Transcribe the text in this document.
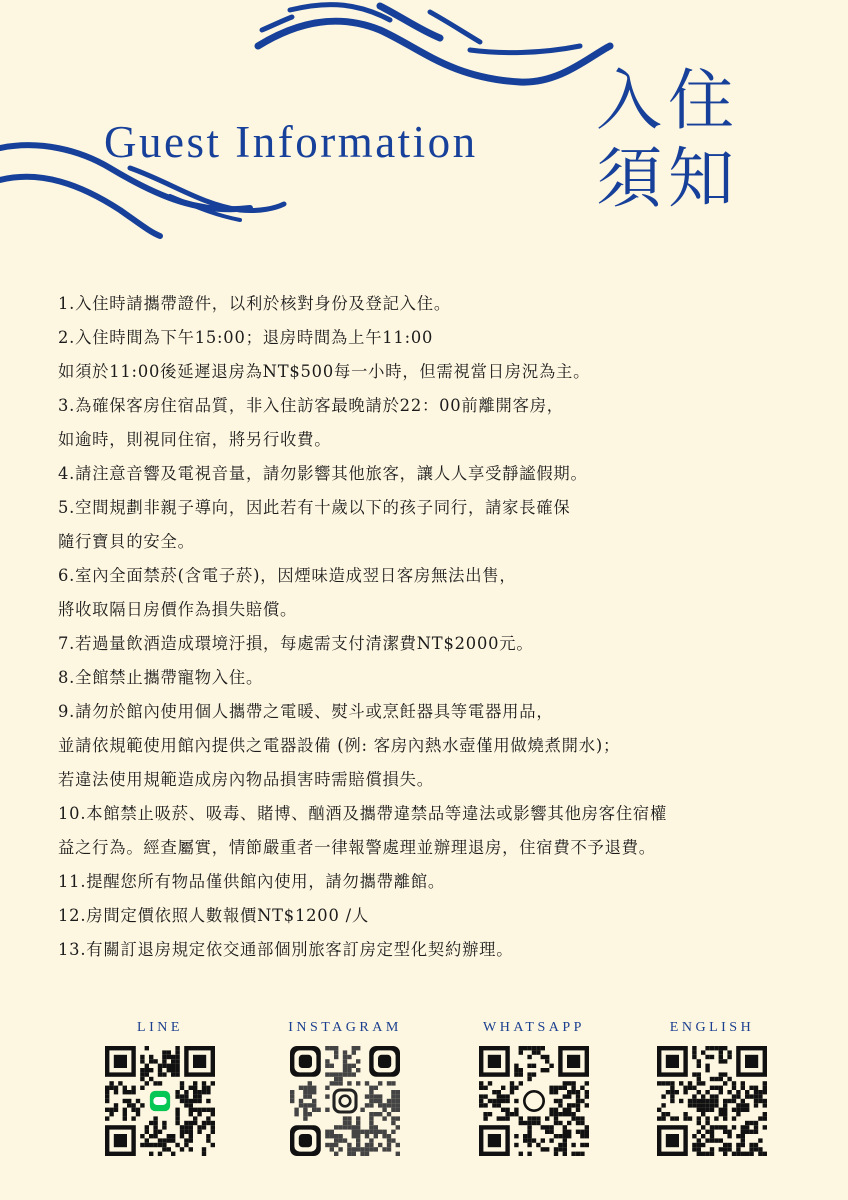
Guest Information
入住
須知
1.入住時請攜帶證件，以利於核對身份及登記入住。
2.入住時間為下午15:00；退房時間為上午11:00
如須於11:00後延遲退房為NT$500每一小時，但需視當日房況為主。
3.為確保客房住宿品質，非入住訪客最晚請於22：00前離開客房，
如逾時，則視同住宿，將另行收費。
4.請注意音響及電視音量，請勿影響其他旅客，讓人人享受靜謐假期。
5.空間規劃非親子導向，因此若有十歲以下的孩子同行，請家長確保
隨行寶貝的安全。
6.室內全面禁菸(含電子菸)，因煙味造成翌日客房無法出售，
將收取隔日房價作為損失賠償。
7.若過量飲酒造成環境汙損，每處需支付清潔費NT$2000元。
8.全館禁止攜帶寵物入住。
9.請勿於館內使用個人攜帶之電暖、熨斗或烹飪器具等電器用品，
並請依規範使用館內提供之電器設備 (例: 客房內熱水壺僅用做燒煮開水)；
若違法使用規範造成房內物品損害時需賠償損失。
10.本館禁止吸菸、吸毒、賭博、酗酒及攜帶違禁品等違法或影響其他房客住宿權
益之行為。經查屬實，情節嚴重者一律報警處理並辦理退房，住宿費不予退費。
11.提醒您所有物品僅供館內使用，請勿攜帶離館。
12.房間定價依照人數報價NT$1200 /人
13.有關訂退房規定依交通部個別旅客訂房定型化契約辦理。
LINE	INSTAGRAM	WHATSAPP	ENGLISH
